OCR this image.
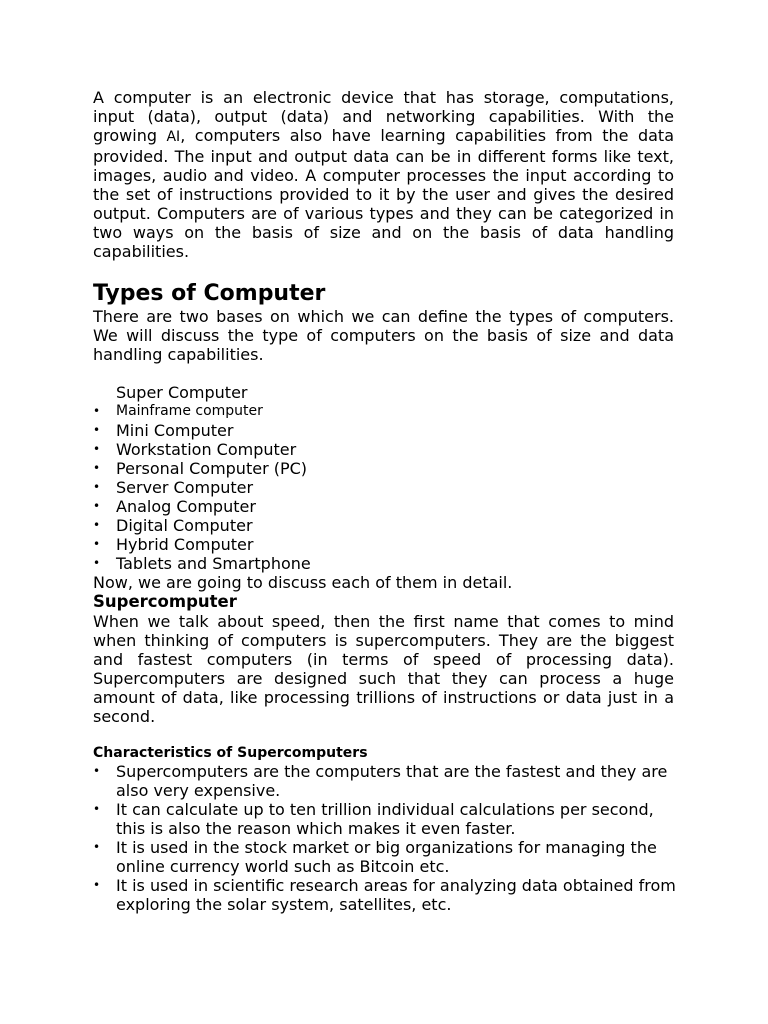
A computer is an electronic device that has storage, computations, input (data), output (data) and networking capabilities. With the growing AI, computers also have learning capabilities from the data provided. The input and output data can be in different forms like text, images, audio and video. A computer processes the input according to the set of instructions provided to it by the user and gives the desired output. Computers are of various types and they can be categorized in two ways on the basis of size and on the basis of data handling capabilities.

Types of Computer

There are two bases on which we can define the types of computers. We will discuss the type of computers on the basis of size and data handling capabilities.

Super Computer
•	Mainframe computer
• Mini Computer
• Workstation Computer
• Personal Computer (PC)
• Server Computer
• Analog Computer
• Digital Computer
• Hybrid Computer
• Tablets and Smartphone

Now, we are going to discuss each of them in detail.

Supercomputer

When we talk about speed, then the first name that comes to mind when thinking of computers is supercomputers. They are the biggest and fastest computers (in terms of speed of processing data). Supercomputers are designed such that they can process a huge amount of data, like processing trillions of instructions or data just in a second.

Characteristics of Supercomputers
• Supercomputers are the computers that are the fastest and they are also very expensive.
• It can calculate up to ten trillion individual calculations per second, this is also the reason which makes it even faster.
• It is used in the stock market or big organizations for managing the online currency world such as Bitcoin etc.
• It is used in scientific research areas for analyzing data obtained from exploring the solar system, satellites, etc.
